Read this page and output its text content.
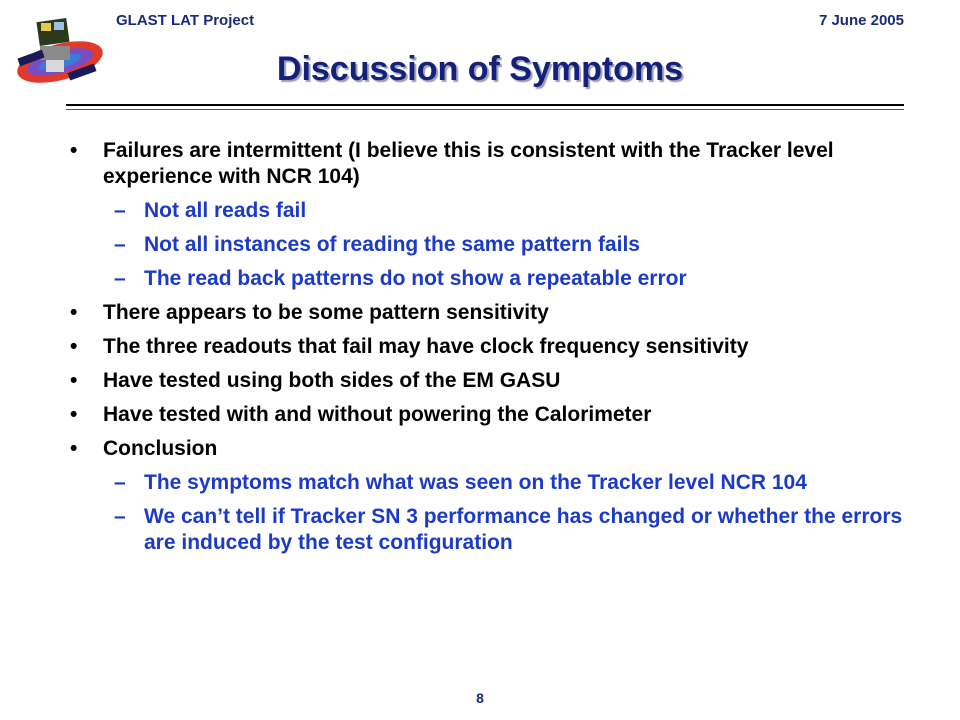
GLAST LAT Project	7 June 2005
Discussion of Symptoms
• Failures are intermittent (I believe this is consistent with the Tracker level experience with NCR 104)
– Not all reads fail
– Not all instances of reading the same pattern fails
– The read back patterns do not show a repeatable error
• There appears to be some pattern sensitivity
• The three readouts that fail may have clock frequency sensitivity
• Have tested using both sides of the EM GASU
• Have tested with and without powering the Calorimeter
• Conclusion
– The symptoms match what was seen on the Tracker level NCR 104
– We can’t tell if Tracker SN 3 performance has changed or whether the errors are induced by the test configuration
8
